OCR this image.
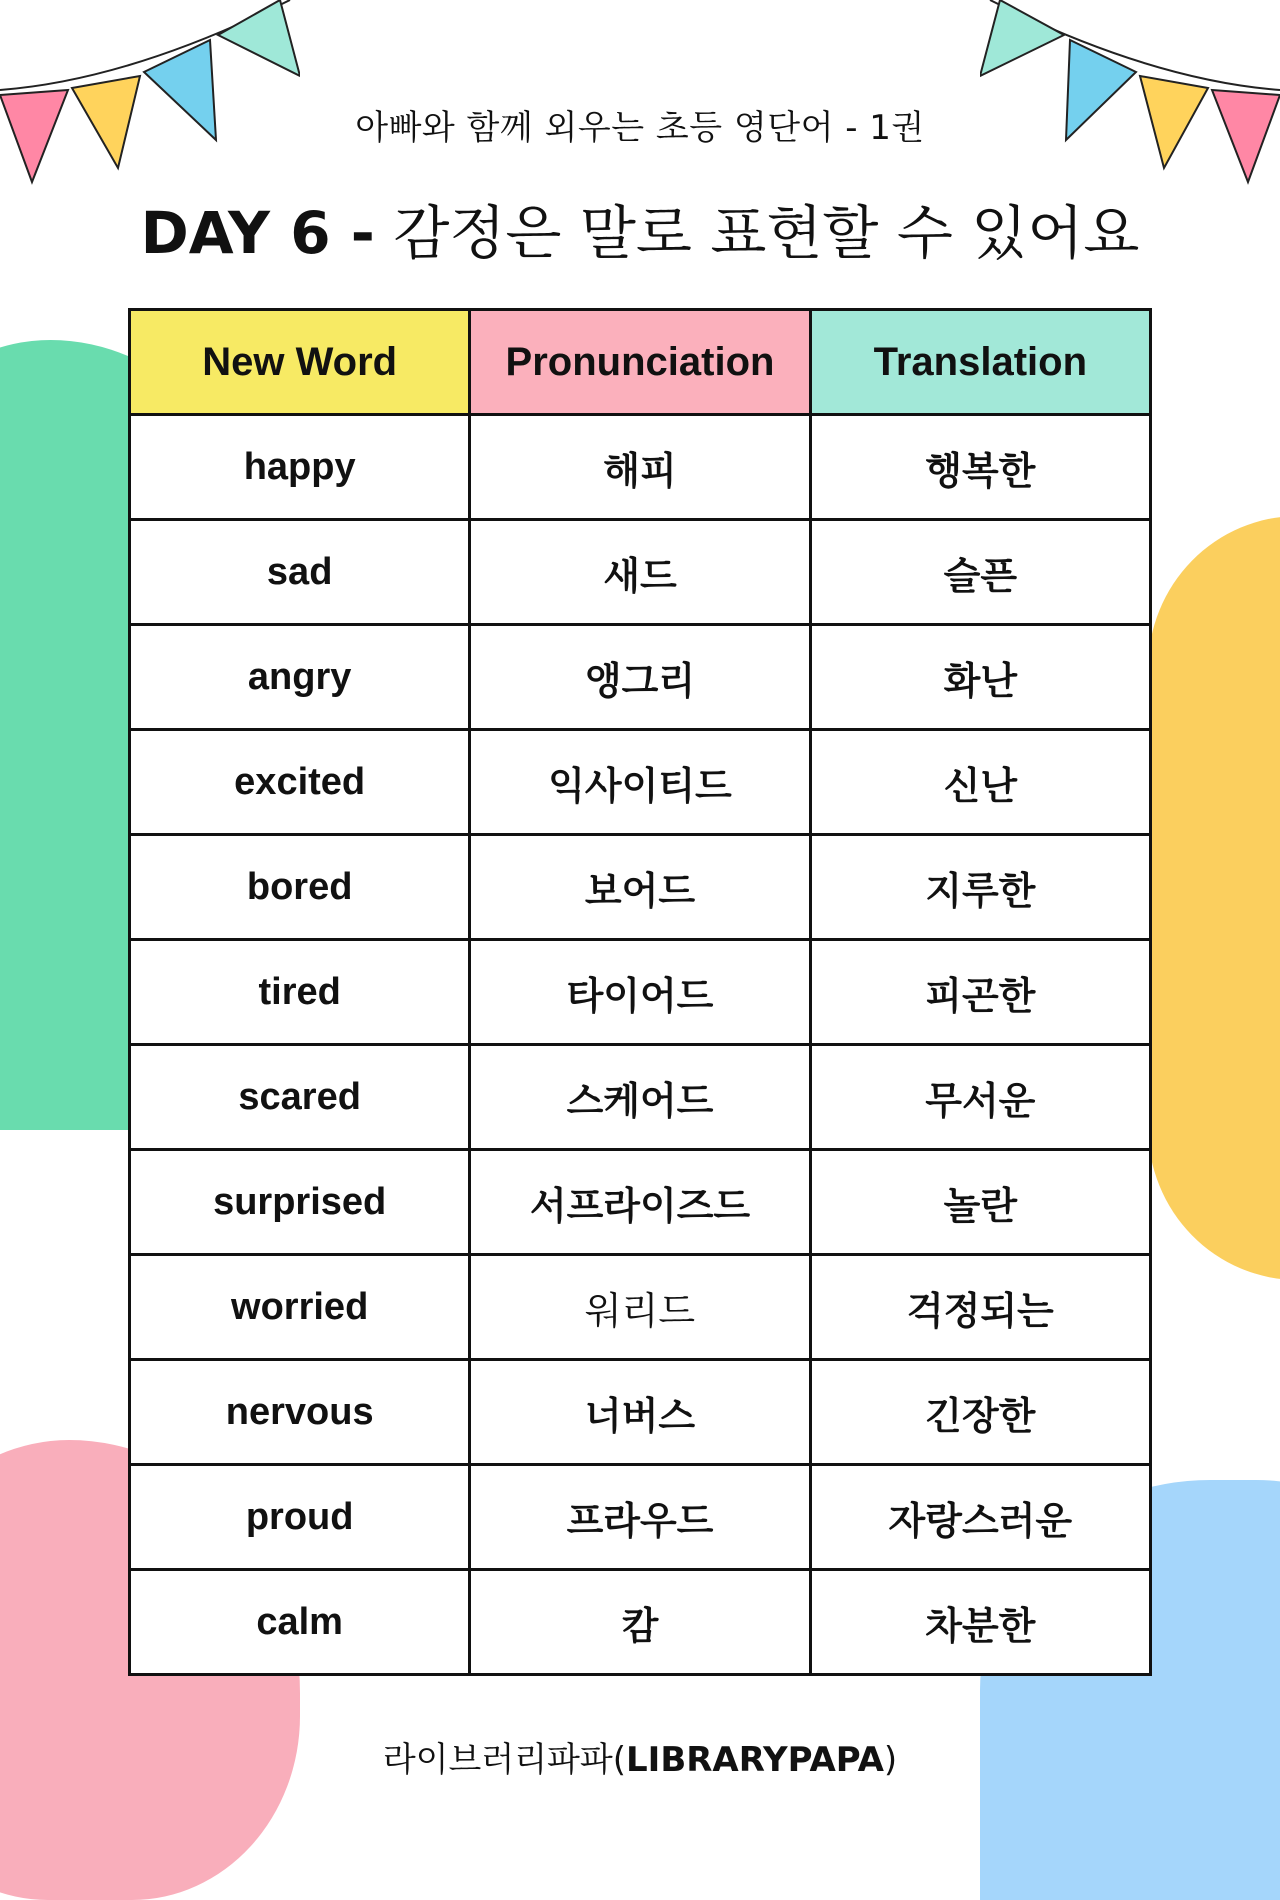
아빠와 함께 외우는 초등 영단어 - 1권
DAY 6 - 감정은 말로 표현할 수 있어요
New Word	Pronunciation	Translation
happy	해피	행복한
sad	새드	슬픈
angry	앵그리	화난
excited	익사이티드	신난
bored	보어드	지루한
tired	타이어드	피곤한
scared	스케어드	무서운
surprised	서프라이즈드	놀란
worried	워리드	걱정되는
nervous	너버스	긴장한
proud	프라우드	자랑스러운
calm	캄	차분한
라이브러리파파(LIBRARYPAPA)
